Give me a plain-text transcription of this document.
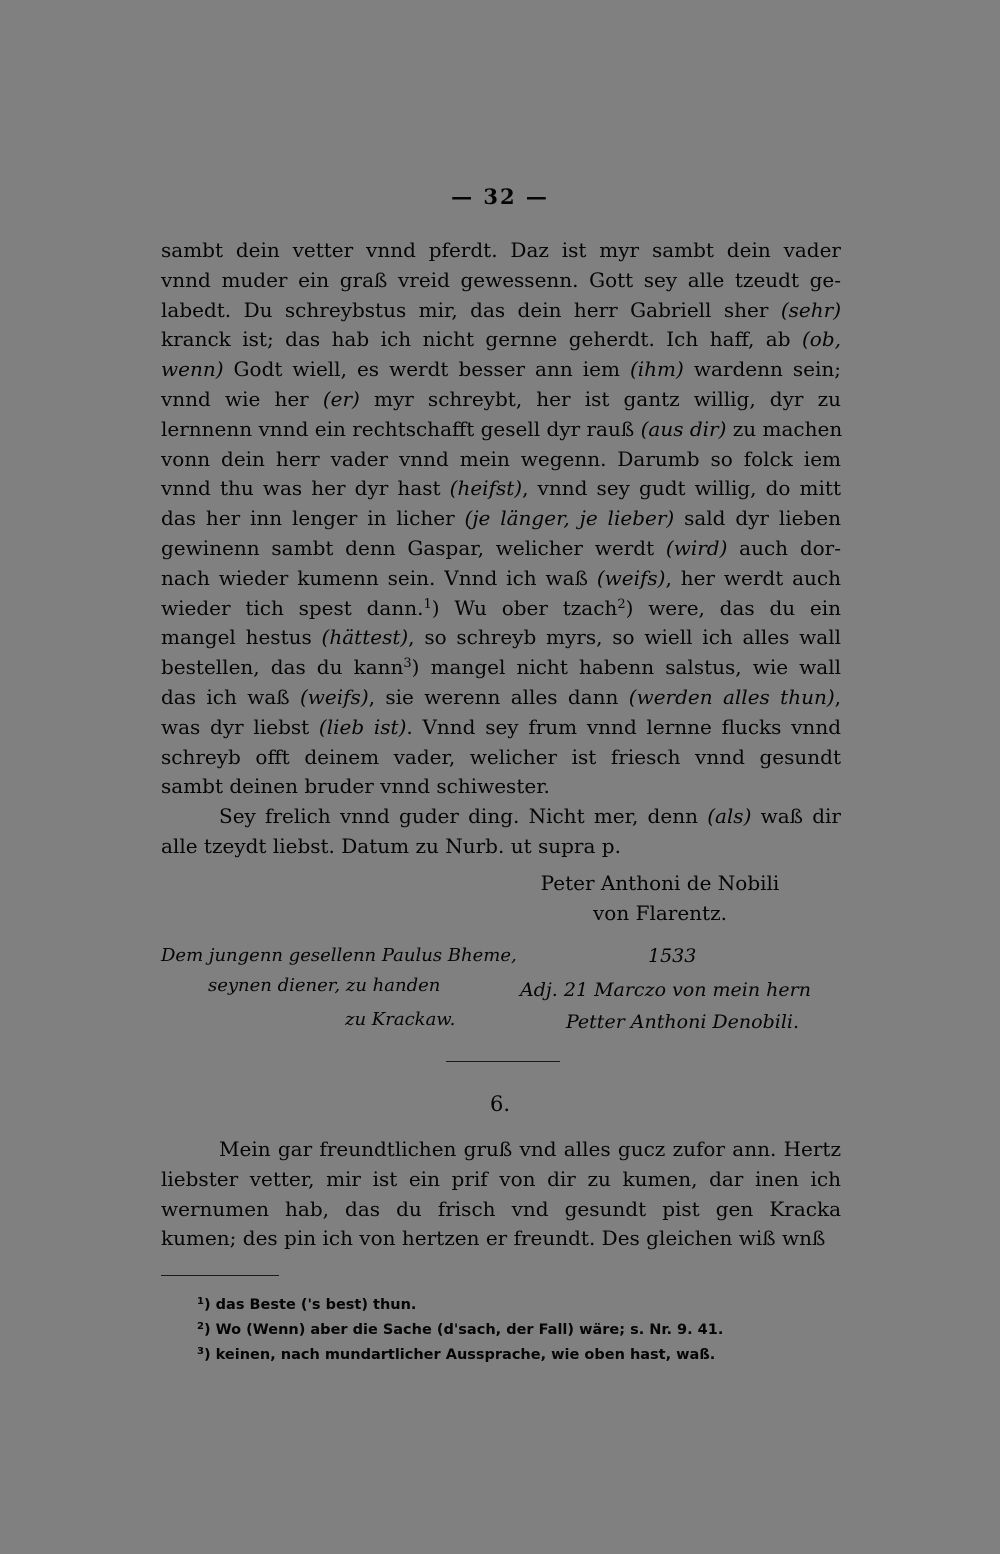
— 32 —

sambt dein vetter vnnd pferdt. Daz ist myr sambt dein vader
vnnd muder ein graß vreid gewessenn. Gott sey alle tzeudt ge-
labedt. Du schreybstus mir, das dein herr Gabriell sher (sehr)
kranck ist; das hab ich nicht gernne geherdt. Ich haff, ab (ob,
wenn) Godt wiell, es werdt besser ann iem (ihm) wardenn sein;
vnnd wie her (er) myr schreybt, her ist gantz willig, dyr zu
lernnenn vnnd ein rechtschafft gesell dyr rauß (aus dir) zu machen
vonn dein herr vader vnnd mein wegenn. Darumb so folck iem
vnnd thu was her dyr hast (heifst), vnnd sey gudt willig, do mitt
das her inn lenger in licher (je länger, je lieber) sald dyr lieben
gewinenn sambt denn Gaspar, welicher werdt (wird) auch dor-
nach wieder kumenn sein. Vnnd ich waß (weifs), her werdt auch
wieder tich spest dann.$^1$) Wu ober tzach$^2$) were, das du ein
mangel hestus (hättest), so schreyb myrs, so wiell ich alles wall
bestellen, das du kann$^3$) mangel nicht habenn salstus, wie wall
das ich waß (weifs), sie werenn alles dann (werden alles thun),
was dyr liebst (lieb ist). Vnnd sey frum vnnd lernne flucks vnnd
schreyb offt deinem vader, welicher ist friesch vnnd gesundt
sambt deinen bruder vnnd schiwester.

Sey frelich vnnd guder ding. Nicht mer, denn (als) waß dir
alle tzeydt liebst. Datum zu Nurb. ut supra p.

Peter Anthoni de Nobili
von Flarentz.
Dem jungenn gesellenn Paulus Bheme,
seynen diener, zu handen
zu Krackaw.
1533
Adj. 21 Marczo von mein hern
Petter Anthoni Denobili.
6.

Mein gar freundtlichen gruß vnd alles gucz zufor ann. Hertz
liebster vetter, mir ist ein prif von dir zu kumen, dar inen ich
wernumen hab, das du frisch vnd gesundt pist gen Kracka
kumen; des pin ich von hertzen er freundt. Des gleichen wiß wnß

$^1$) das Beste ('s best) thun.
$^2$) Wo (Wenn) aber die Sache (d'sach, der Fall) wäre; s. Nr. 9. 41.
$^3$) keinen, nach mundartlicher Aussprache, wie oben hast, waß.
